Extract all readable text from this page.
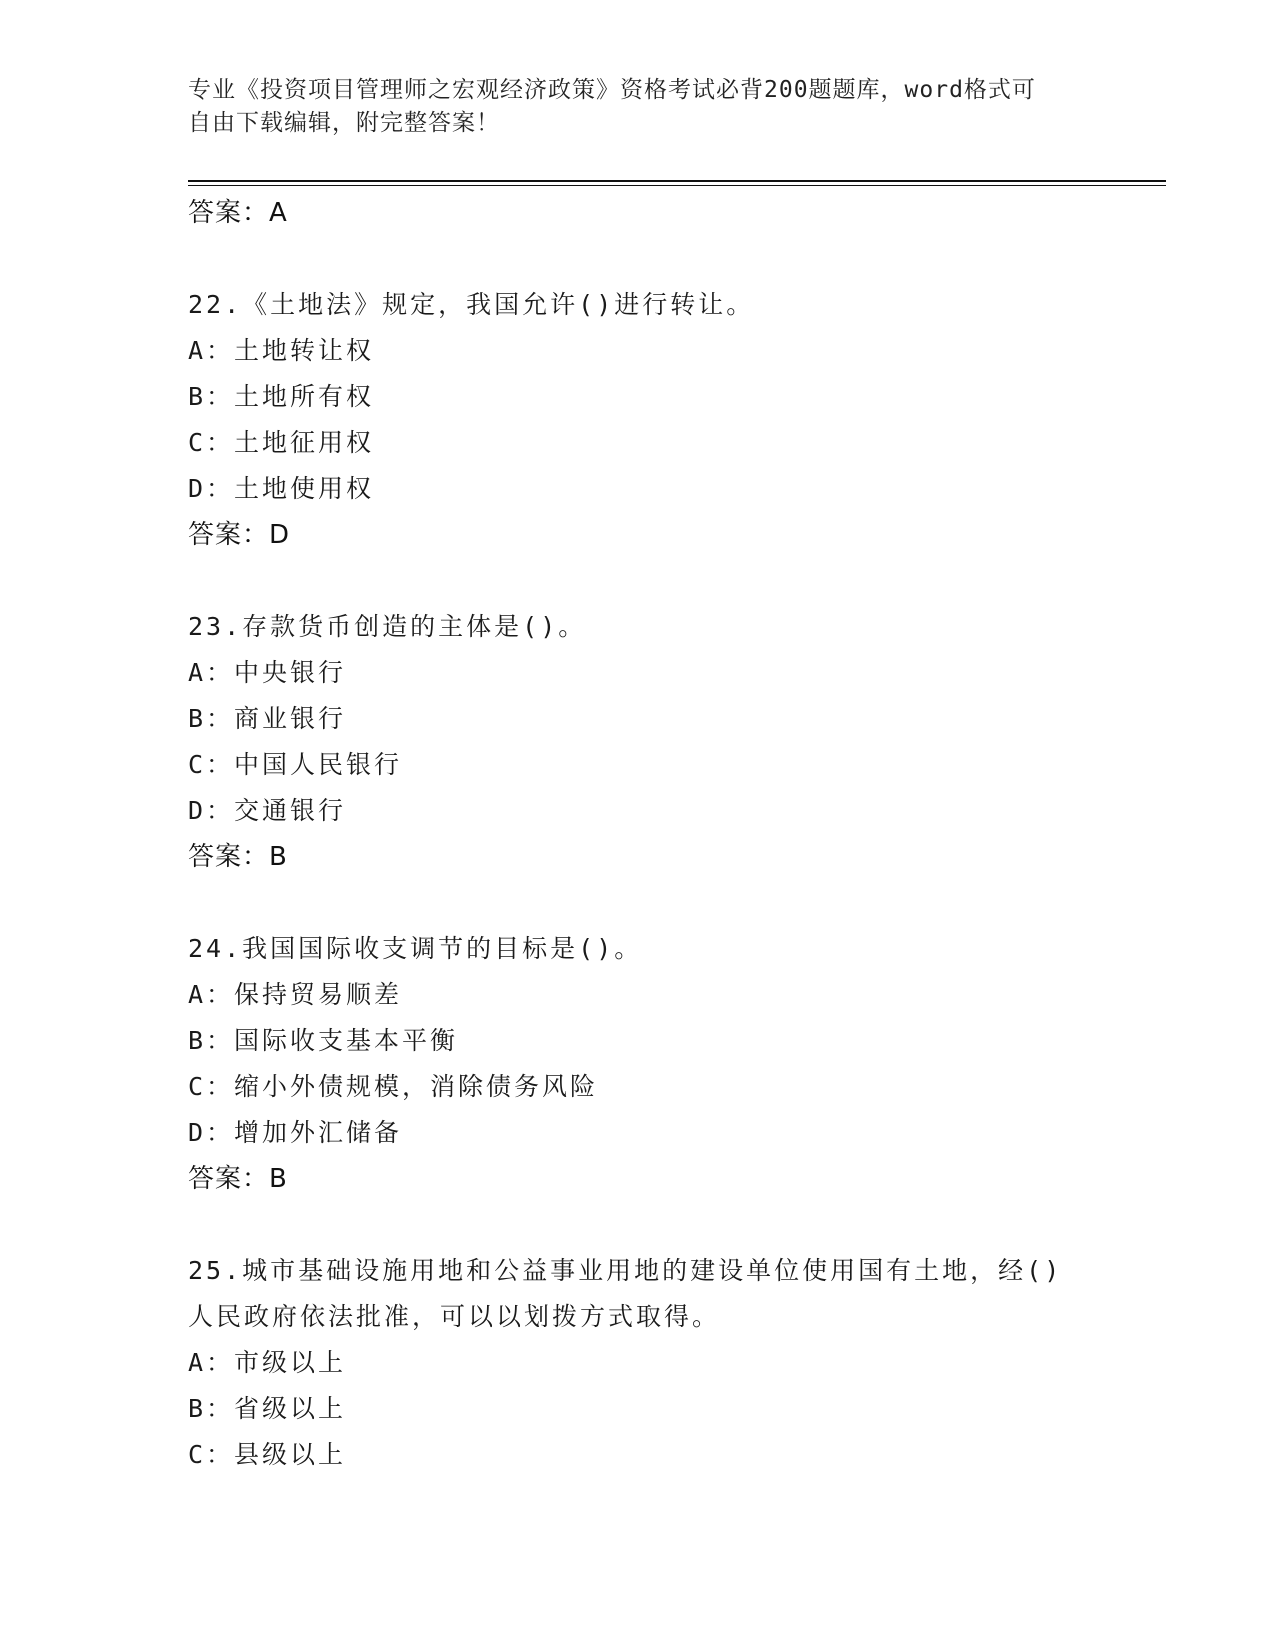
专业《投资项目管理师之宏观经济政策》资格考试必背200题题库，word格式可
自由下载编辑，附完整答案！
答案：A
22.《土地法》规定，我国允许()进行转让。
A：土地转让权
B：土地所有权
C：土地征用权
D：土地使用权
答案：D
23.存款货币创造的主体是()。
A：中央银行
B：商业银行
C：中国人民银行
D：交通银行
答案：B
24.我国国际收支调节的目标是()。
A：保持贸易顺差
B：国际收支基本平衡
C：缩小外债规模，消除债务风险
D：增加外汇储备
答案：B
25.城市基础设施用地和公益事业用地的建设单位使用国有土地，经()
人民政府依法批准，可以以划拨方式取得。
A：市级以上
B：省级以上
C：县级以上
